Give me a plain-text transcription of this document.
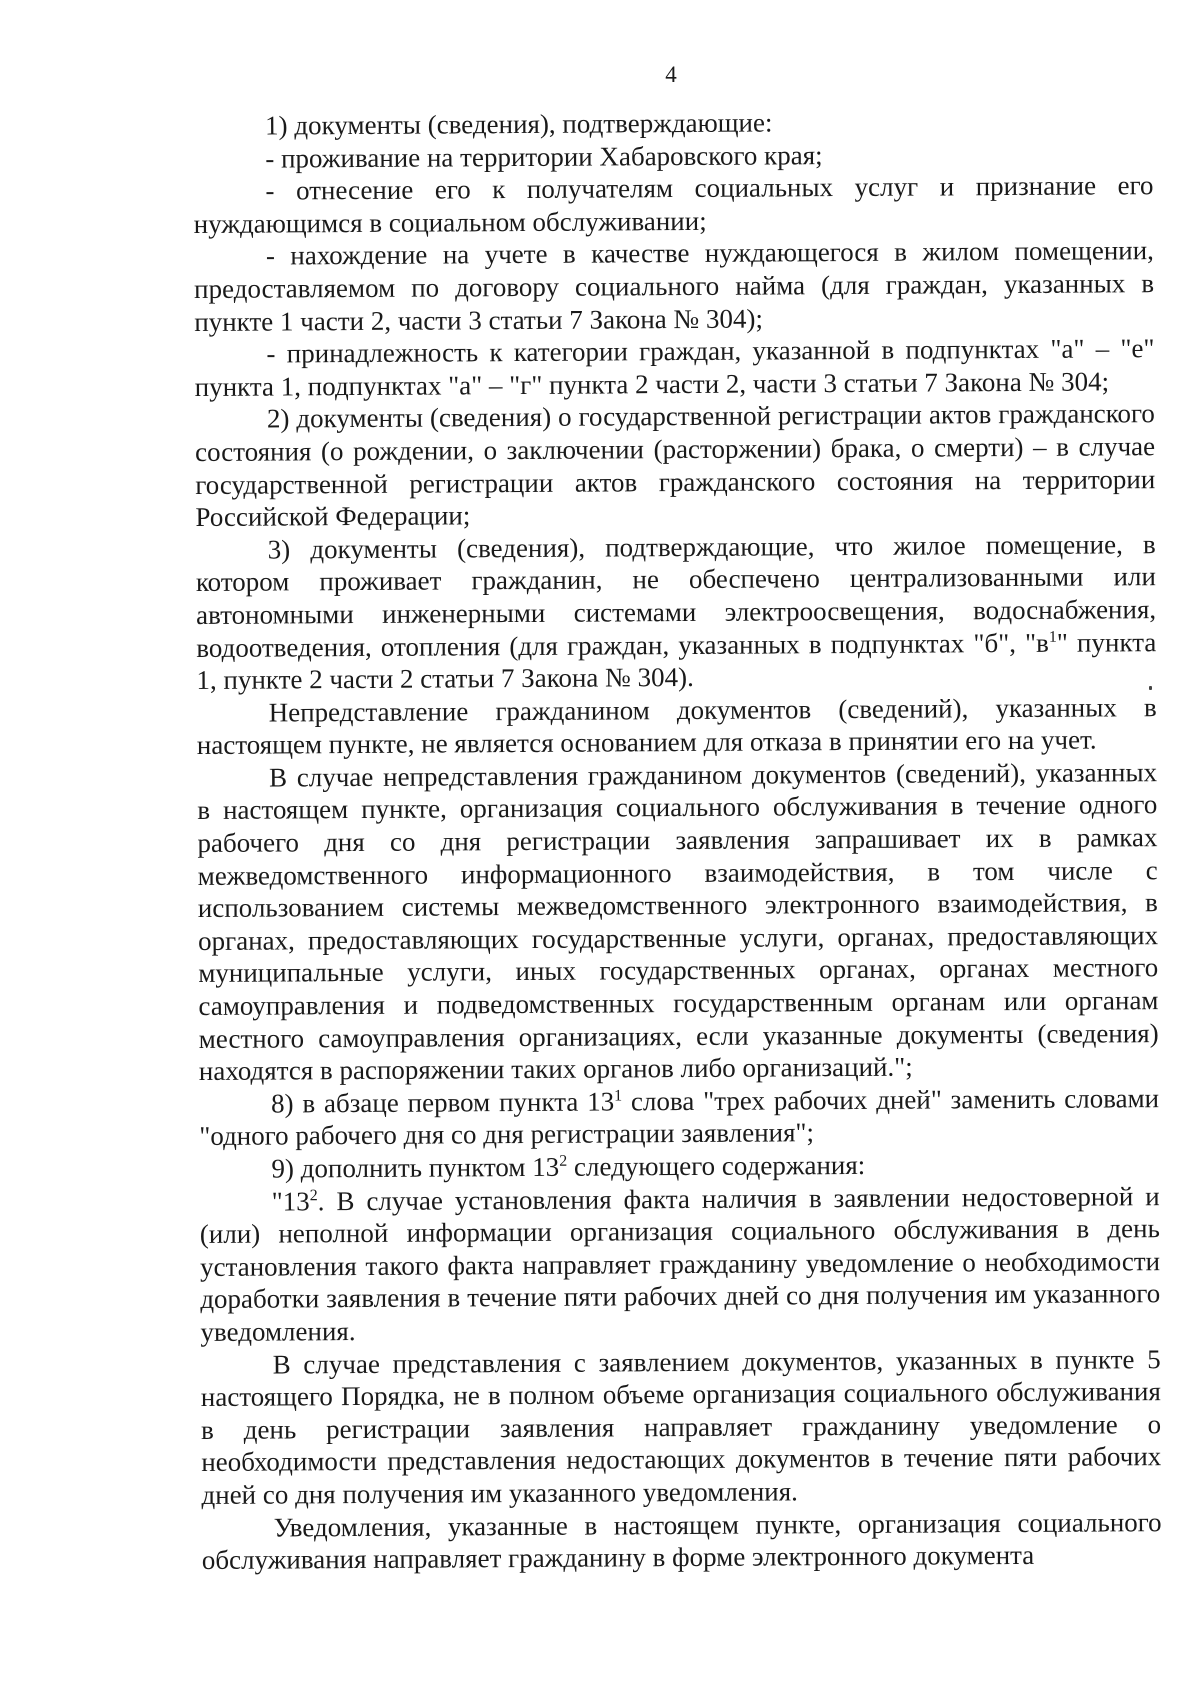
4

1) документы (сведения), подтверждающие:

- проживание на территории Хабаровского края;

- отнесение его к получателям социальных услуг и признание его нуждающимся в социальном обслуживании;

- нахождение на учете в качестве нуждающегося в жилом помещении, предоставляемом по договору социального найма (для граждан, указанных в пункте 1 части 2, части 3 статьи 7 Закона № 304);

- принадлежность к категории граждан, указанной в подпунктах "а" – "е" пункта 1, подпунктах "а" – "г" пункта 2 части 2, части 3 статьи 7 Закона № 304;

2) документы (сведения) о государственной регистрации актов гражданского состояния (о рождении, о заключении (расторжении) брака, о смерти) – в случае государственной регистрации актов гражданского состояния на территории Российской Федерации;

3) документы (сведения), подтверждающие, что жилое помещение, в котором проживает гражданин, не обеспечено централизованными или автономными инженерными системами электроосвещения, водоснабжения, водоотведения, отопления (для граждан, указанных в подпунктах "б", "$в^1$" пункта 1, пункте 2 части 2 статьи 7 Закона № 304).

Непредставление гражданином документов (сведений), указанных в настоящем пункте, не является основанием для отказа в принятии его на учет.

В случае непредставления гражданином документов (сведений), указанных в настоящем пункте, организация социального обслуживания в течение одного рабочего дня со дня регистрации заявления запрашивает их в рамках межведомственного информационного взаимодействия, в том числе с использованием системы межведомственного электронного взаимодействия, в органах, предоставляющих государственные услуги, органах, предоставляющих муниципальные услуги, иных государственных органах, органах местного самоуправления и подведомственных государственным органам или органам местного самоуправления организациях, если указанные документы (сведения) находятся в распоряжении таких органов либо организаций.";

8) в абзаце первом пункта $13^1$ слова "трех рабочих дней" заменить словами "одного рабочего дня со дня регистрации заявления";

9) дополнить пунктом $13^2$ следующего содержания:

"$13^2$. В случае установления факта наличия в заявлении недостоверной и (или) неполной информации организация социального обслуживания в день установления такого факта направляет гражданину уведомление о необходимости доработки заявления в течение пяти рабочих дней со дня получения им указанного уведомления.

В случае представления с заявлением документов, указанных в пункте 5 настоящего Порядка, не в полном объеме организация социального обслуживания в день регистрации заявления направляет гражданину уведомление о необходимости представления недостающих документов в течение пяти рабочих дней со дня получения им указанного уведомления.

Уведомления, указанные в настоящем пункте, организация социального обслуживания направляет гражданину в форме электронного документа
